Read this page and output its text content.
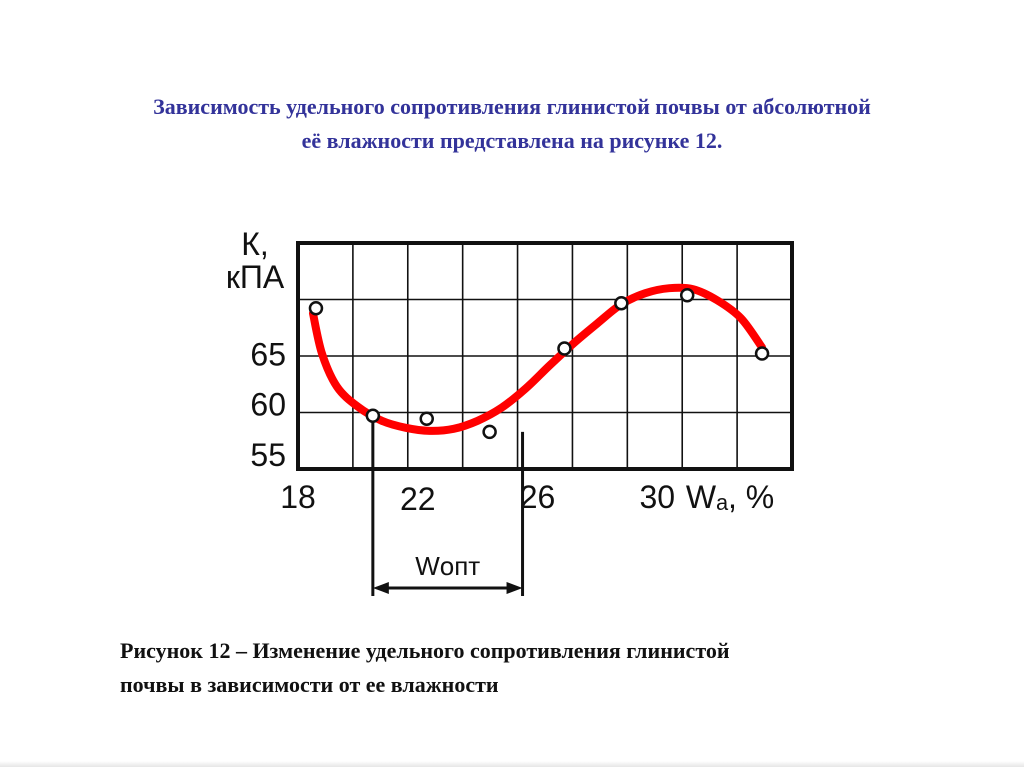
Зависимость удельного сопротивления глинистой почвы от абсолютной
её влажности представлена на рисунке 12.
Wопт
55
60
65
18	22	26	30
К,
кПА
Wₐ, %
Рисунок 12 – Изменение удельного сопротивления глинистой
почвы в зависимости от ее влажности
